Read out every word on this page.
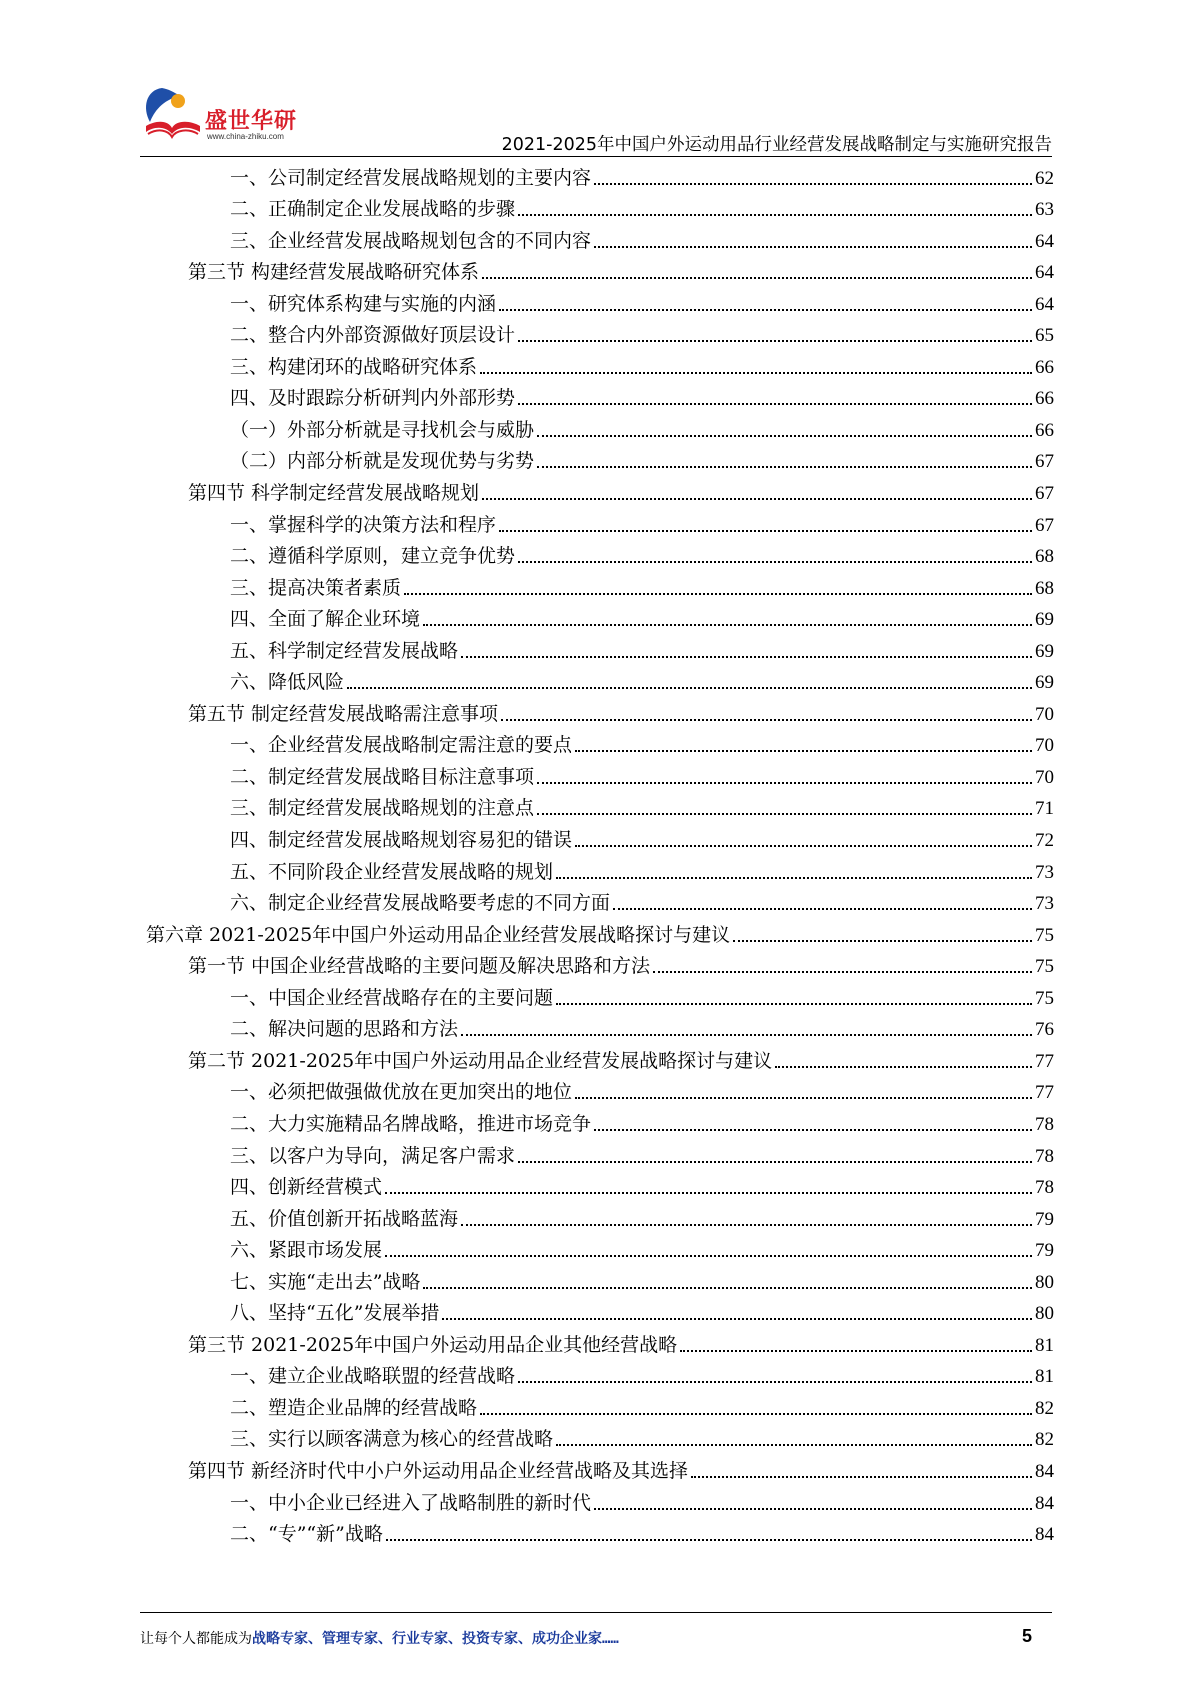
盛世华研
www.china-zhiku.com	2021-2025年中国户外运动用品行业经营发展战略制定与实施研究报告
一、公司制定经营发展战略规划的主要内容	62
二、正确制定企业发展战略的步骤	63
三、企业经营发展战略规划包含的不同内容	64
第三节 构建经营发展战略研究体系	64
一、研究体系构建与实施的内涵	64
二、整合内外部资源做好顶层设计	65
三、构建闭环的战略研究体系	66
四、及时跟踪分析研判内外部形势	66
（一）外部分析就是寻找机会与威胁	66
（二）内部分析就是发现优势与劣势	67
第四节 科学制定经营发展战略规划	67
一、掌握科学的决策方法和程序	67
二、遵循科学原则，建立竞争优势	68
三、提高决策者素质	68
四、全面了解企业环境	69
五、科学制定经营发展战略	69
六、降低风险	69
第五节 制定经营发展战略需注意事项	70
一、企业经营发展战略制定需注意的要点	70
二、制定经营发展战略目标注意事项	70
三、制定经营发展战略规划的注意点	71
四、制定经营发展战略规划容易犯的错误	72
五、不同阶段企业经营发展战略的规划	73
六、制定企业经营发展战略要考虑的不同方面	73
第六章 2021-2025年中国户外运动用品企业经营发展战略探讨与建议	75
第一节 中国企业经营战略的主要问题及解决思路和方法	75
一、中国企业经营战略存在的主要问题	75
二、解决问题的思路和方法	76
第二节 2021-2025年中国户外运动用品企业经营发展战略探讨与建议	77
一、必须把做强做优放在更加突出的地位	77
二、大力实施精品名牌战略，推进市场竞争	78
三、以客户为导向，满足客户需求	78
四、创新经营模式	78
五、价值创新开拓战略蓝海	79
六、紧跟市场发展	79
七、实施“走出去”战略	80
八、坚持“五化”发展举措	80
第三节 2021-2025年中国户外运动用品企业其他经营战略	81
一、建立企业战略联盟的经营战略	81
二、塑造企业品牌的经营战略	82
三、实行以顾客满意为核心的经营战略	82
第四节 新经济时代中小户外运动用品企业经营战略及其选择	84
一、中小企业已经进入了战略制胜的新时代	84
二、“专”“新”战略	84
让每个人都能成为战略专家、管理专家、行业专家、投资专家、成功企业家……	5
